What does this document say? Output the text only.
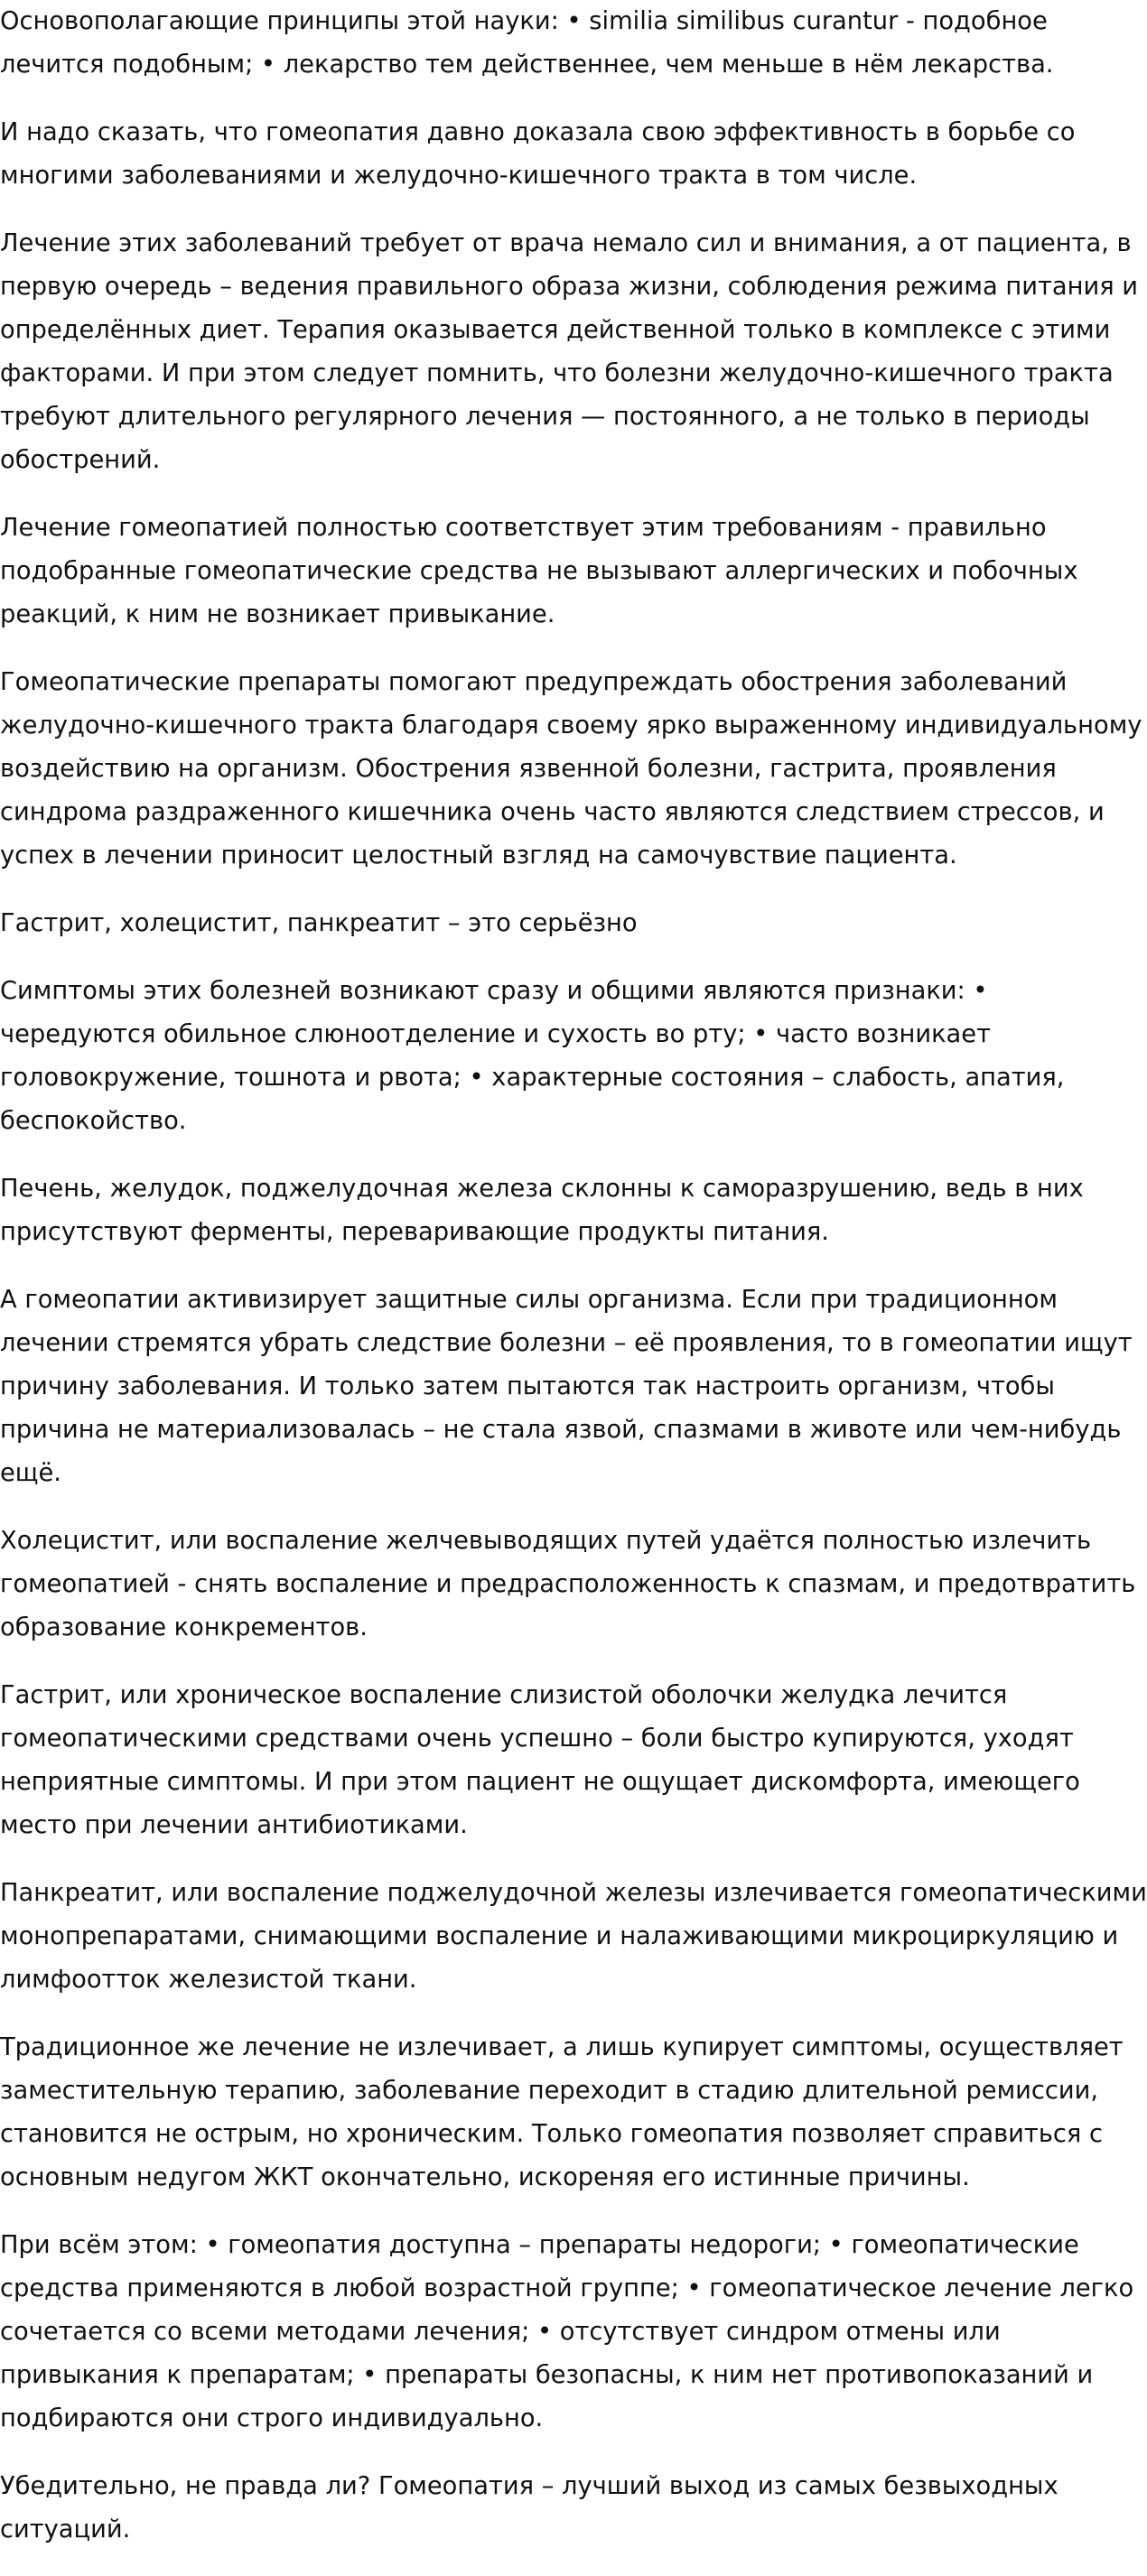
Основополагающие принципы этой науки: • similia similibus curantur - подобное лечится подобным; • лекарство тем действеннее, чем меньше в нём лекарства.

И надо сказать, что гомеопатия давно доказала свою эффективность в борьбе со многими заболеваниями и желудочно-кишечного тракта в том числе.

Лечение этих заболеваний требует от врача немало сил и внимания, а от пациента, в первую очередь – ведения правильного образа жизни, соблюдения режима питания и определённых диет. Терапия оказывается действенной только в комплексе с этими факторами. И при этом следует помнить, что болезни желудочно-кишечного тракта требуют длительного регулярного лечения — постоянного, а не только в периоды обострений.

Лечение гомеопатией полностью соответствует этим требованиям - правильно подобранные гомеопатические средства не вызывают аллергических и побочных реакций, к ним не возникает привыкание.

Гомеопатические препараты помогают предупреждать обострения заболеваний желудочно-кишечного тракта благодаря своему ярко выраженному индивидуальному воздействию на организм. Обострения язвенной болезни, гастрита, проявления синдрома раздраженного кишечника очень часто являются следствием стрессов, и успех в лечении приносит целостный взгляд на самочувствие пациента.

Гастрит, холецистит, панкреатит – это серьёзно

Симптомы этих болезней возникают сразу и общими являются признаки: • чередуются обильное слюноотделение и сухость во рту; • часто возникает головокружение, тошнота и рвота; • характерные состояния – слабость, апатия, беспокойство.

Печень, желудок, поджелудочная железа склонны к саморазрушению, ведь в них присутствуют ферменты, переваривающие продукты питания.

А гомеопатии активизирует защитные силы организма. Если при традиционном лечении стремятся убрать следствие болезни – её проявления, то в гомеопатии ищут причину заболевания. И только затем пытаются так настроить организм, чтобы причина не материализовалась – не стала язвой, спазмами в животе или чем-нибудь ещё.

Холецистит, или воспаление желчевыводящих путей удаётся полностью излечить гомеопатией - снять воспаление и предрасположенность к спазмам, и предотвратить образование конкрементов.

Гастрит, или хроническое воспаление слизистой оболочки желудка лечится гомеопатическими средствами очень успешно – боли быстро купируются, уходят неприятные симптомы. И при этом пациент не ощущает дискомфорта, имеющего место при лечении антибиотиками.

Панкреатит, или воспаление поджелудочной железы излечивается гомеопатическими монопрепаратами, снимающими воспаление и налаживающими микроциркуляцию и лимфоотток железистой ткани.

Традиционное же лечение не излечивает, а лишь купирует симптомы, осуществляет заместительную терапию, заболевание переходит в стадию длительной ремиссии, становится не острым, но хроническим. Только гомеопатия позволяет справиться с основным недугом ЖКТ окончательно, искореняя его истинные причины.

При всём этом: • гомеопатия доступна – препараты недороги; • гомеопатические средства применяются в любой возрастной группе; • гомеопатическое лечение легко сочетается со всеми методами лечения; • отсутствует синдром отмены или привыкания к препаратам; • препараты безопасны, к ним нет противопоказаний и подбираются они строго индивидуально.

Убедительно, не правда ли? Гомеопатия – лучший выход из самых безвыходных ситуаций.
